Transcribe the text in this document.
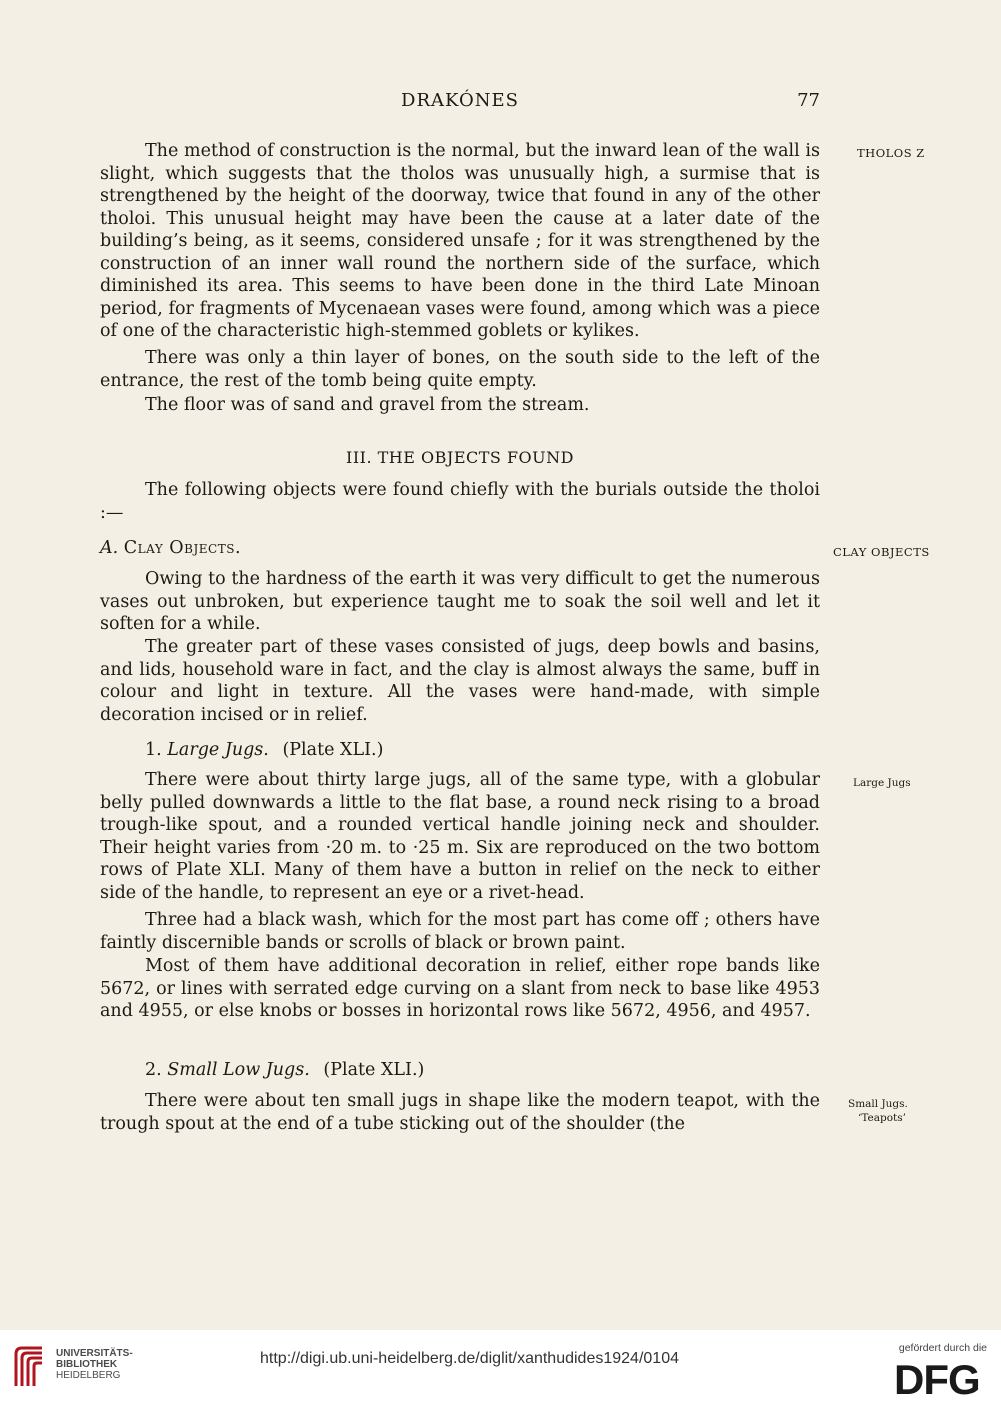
DRAKÓNES	77
The method of construction is the normal, but the inward lean of the wall is slight, which suggests that the tholos was unusually high, a surmise that is strengthened by the height of the doorway, twice that found in any of the other tholoi. This unusual height may have been the cause at a later date of the building’s being, as it seems, considered unsafe ; for it was strengthened by the construction of an inner wall round the northern side of the surface, which diminished its area. This seems to have been done in the third Late Minoan period, for fragments of Mycenaean vases were found, among which was a piece of one of the characteristic high-stemmed goblets or kylikes.
There was only a thin layer of bones, on the south side to the left of the entrance, the rest of the tomb being quite empty.
The floor was of sand and gravel from the stream.
III. THE OBJECTS FOUND
The following objects were found chiefly with the burials outside the tholoi :—
A. Clay Objects.
Owing to the hardness of the earth it was very difficult to get the numerous vases out unbroken, but experience taught me to soak the soil well and let it soften for a while.
The greater part of these vases consisted of jugs, deep bowls and basins, and lids, household ware in fact, and the clay is almost always the same, buff in colour and light in texture. All the vases were hand-made, with simple decoration incised or in relief.
1. Large Jugs. (Plate XLI.)
There were about thirty large jugs, all of the same type, with a globular belly pulled downwards a little to the flat base, a round neck rising to a broad trough-like spout, and a rounded vertical handle joining neck and shoulder. Their height varies from ·20 m. to ·25 m. Six are reproduced on the two bottom rows of Plate XLI. Many of them have a button in relief on the neck to either side of the handle, to represent an eye or a rivet-head.
Three had a black wash, which for the most part has come off ; others have faintly discernible bands or scrolls of black or brown paint.
Most of them have additional decoration in relief, either rope bands like 5672, or lines with serrated edge curving on a slant from neck to base like 4953 and 4955, or else knobs or bosses in horizontal rows like 5672, 4956, and 4957.
2. Small Low Jugs. (Plate XLI.)
There were about ten small jugs in shape like the modern teapot, with the trough spout at the end of a tube sticking out of the shoulder (the
THOLOS Z
CLAY OBJECTS
Large Jugs
Small Jugs.
‘Teapots’
UNIVERSITÄTS-
BIBLIOTHEK
HEIDELBERG
http://digi.ub.uni-heidelberg.de/diglit/xanthudides1924/0104
gefördert durch die
DFG
